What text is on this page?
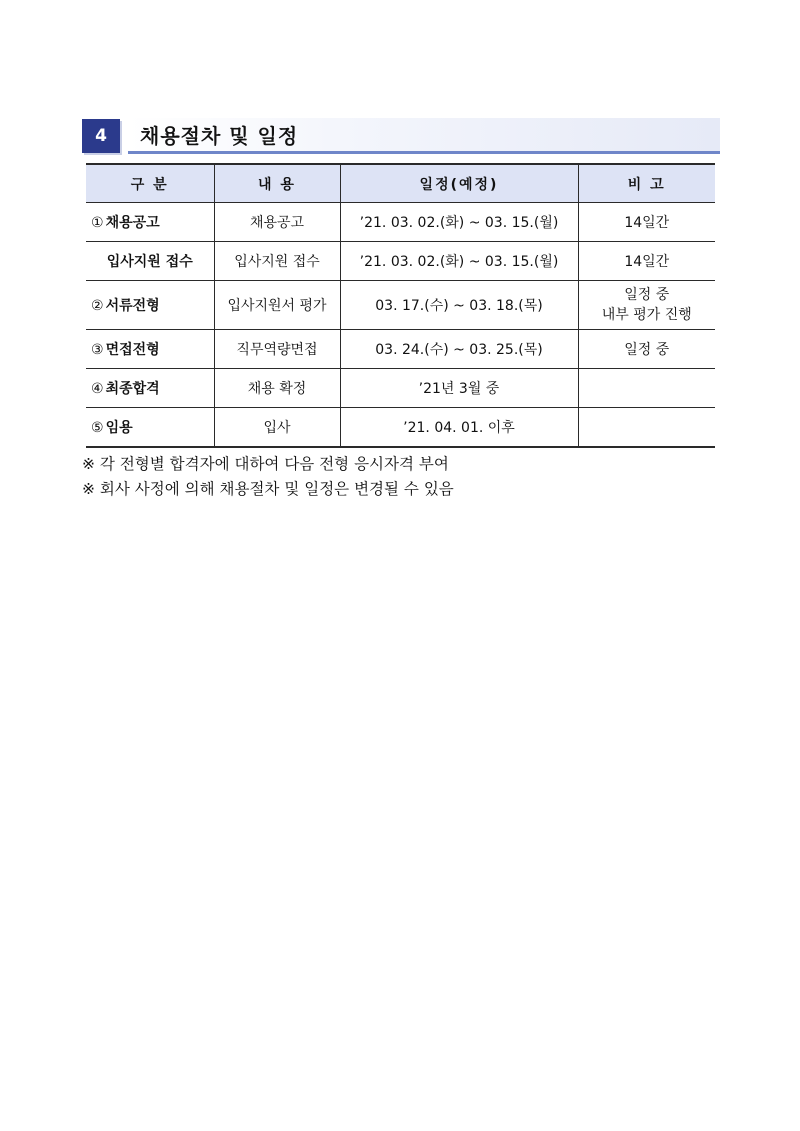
4	채용절차 및 일정
구 분	내 용	일정(예정)	비 고
① 채용공고	채용공고	’21. 03. 02.(화) ~ 03. 15.(월)	14일간
입사지원 접수	입사지원 접수	’21. 03. 02.(화) ~ 03. 15.(월)	14일간
② 서류전형	입사지원서 평가	03. 17.(수) ~ 03. 18.(목)	일정 중
내부 평가 진행

③ 면접전형	직무역량면접	03. 24.(수) ~ 03. 25.(목)	일정 중
④ 최종합격	채용 확정	’21년 3월 중	
⑤ 임용	입사	’21. 04. 01. 이후	
※ 각 전형별 합격자에 대하여 다음 전형 응시자격 부여
※ 회사 사정에 의해 채용절차 및 일정은 변경될 수 있음
